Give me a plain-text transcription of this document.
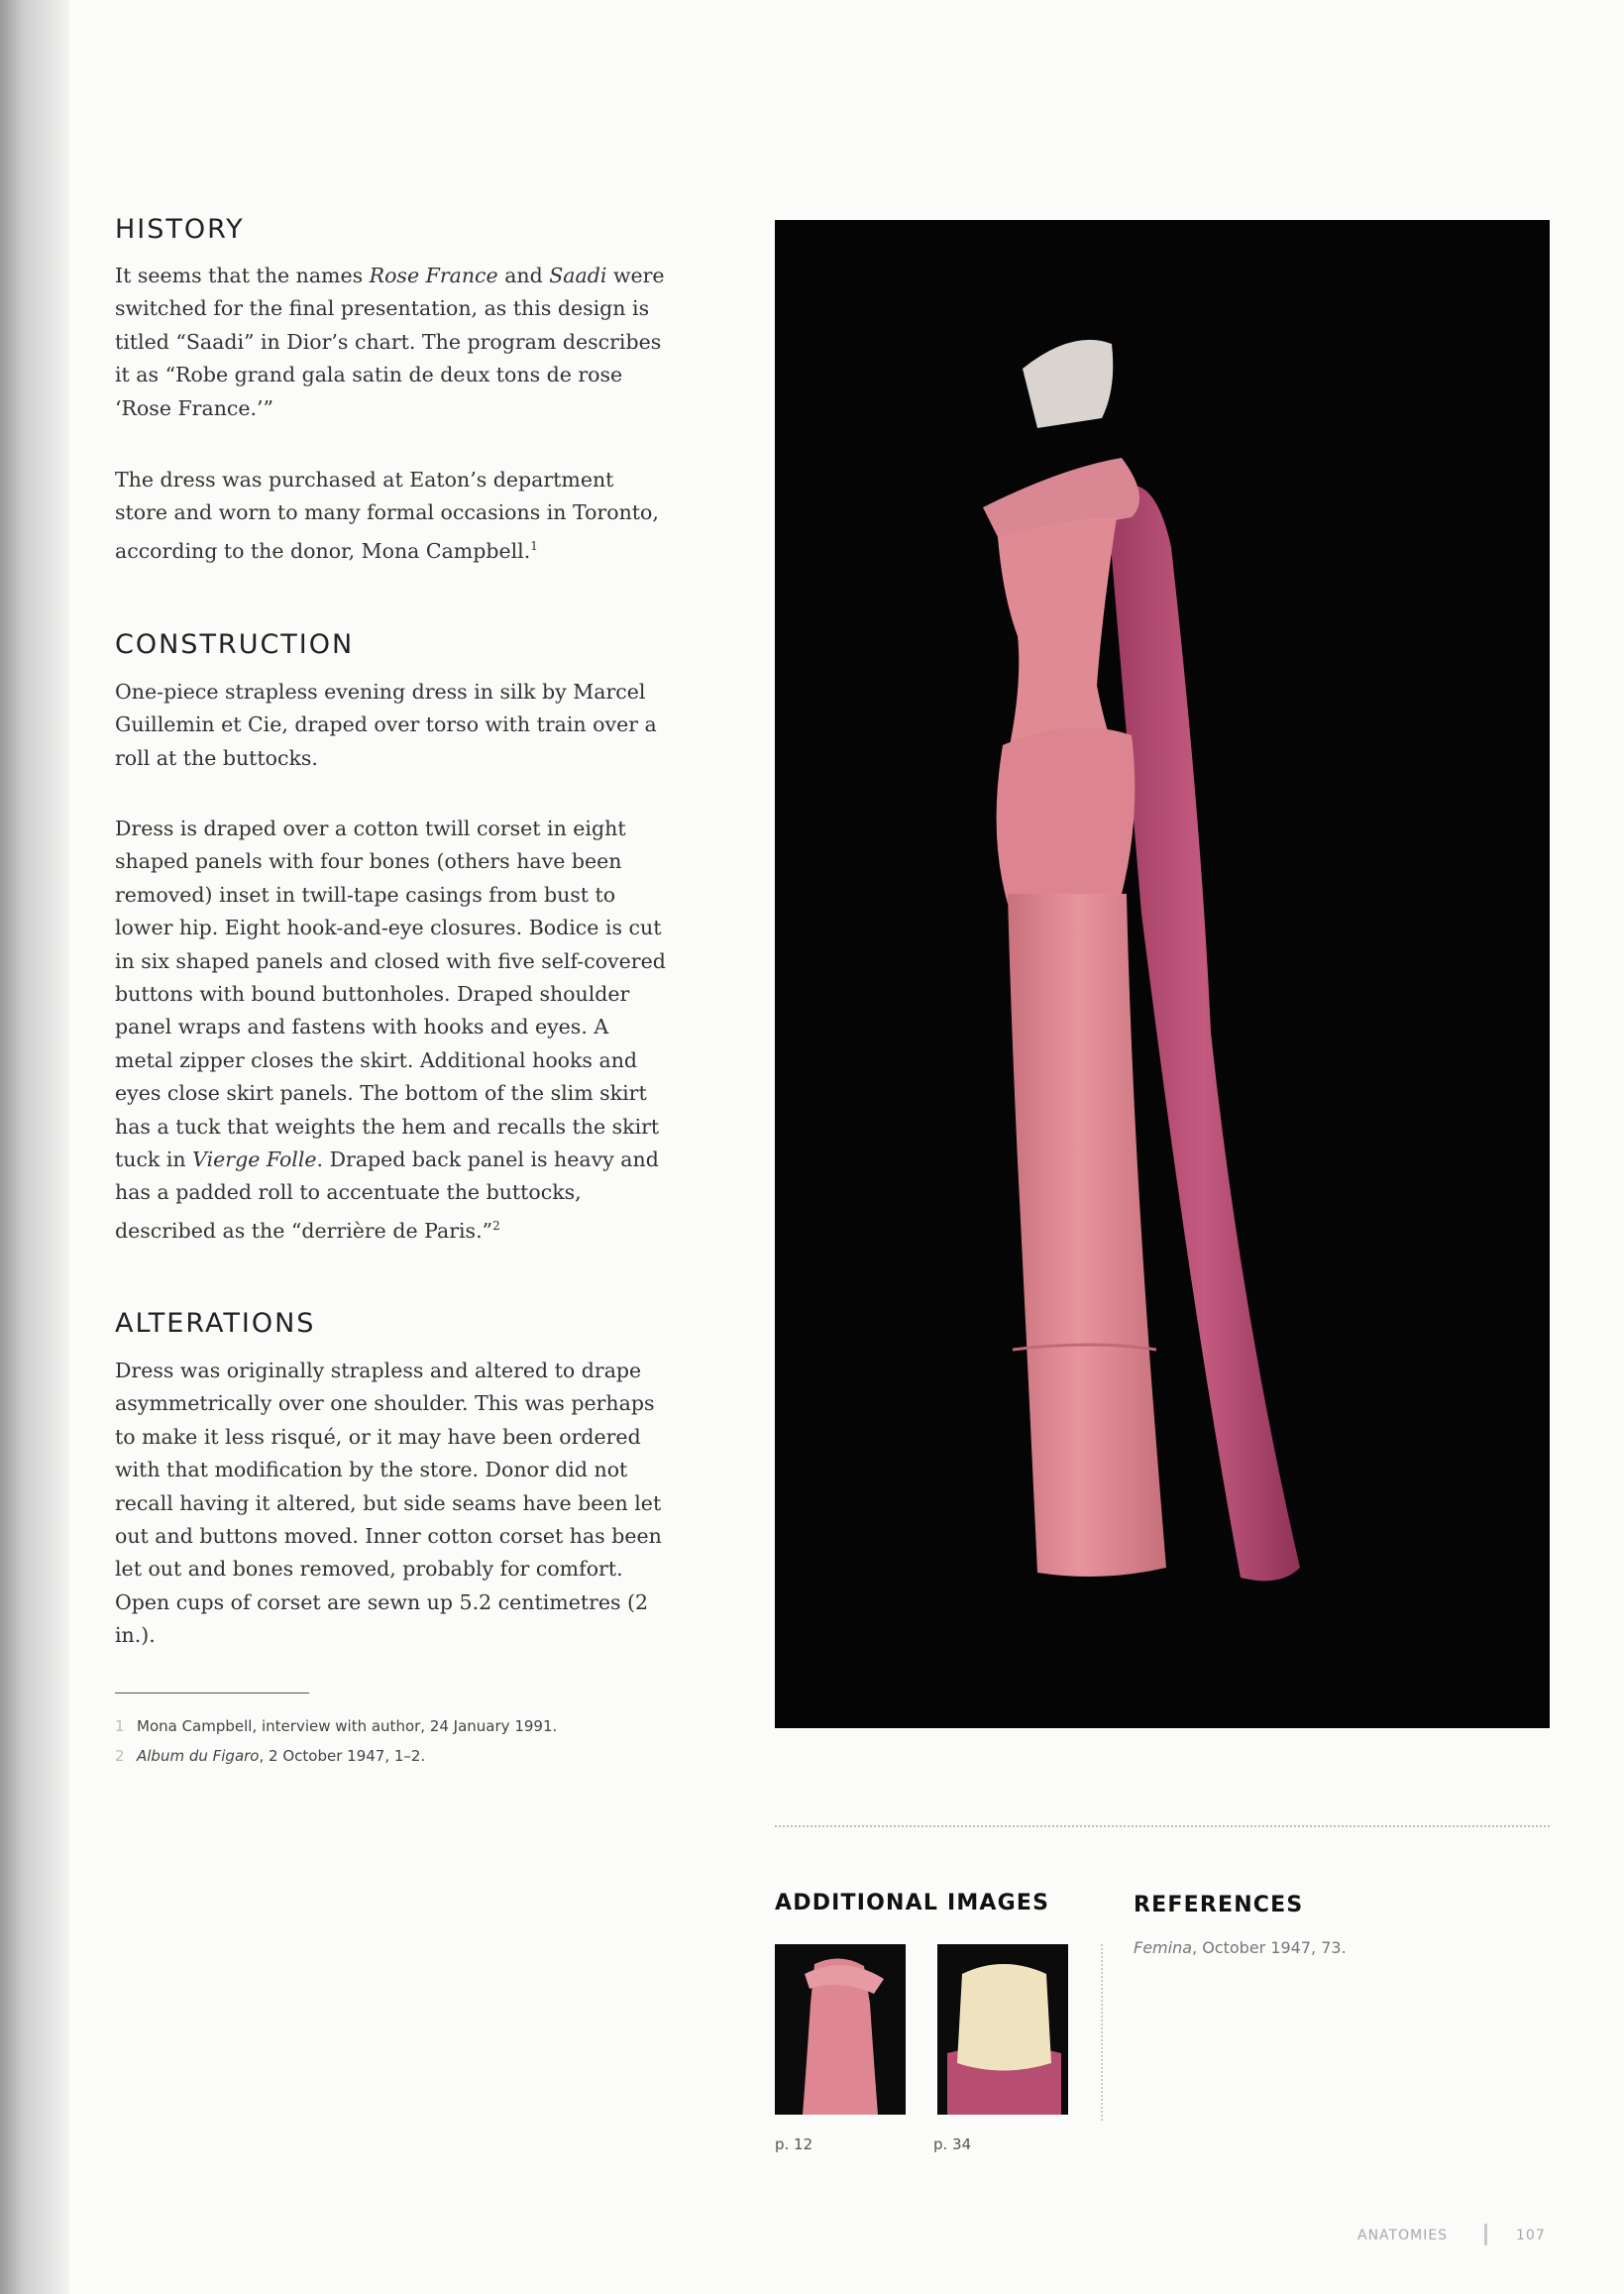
HISTORY

It seems that the names Rose France and Saadi were switched for the final presentation, as this design is titled “Saadi” in Dior’s chart. The program describes it as “Robe grand gala satin de deux tons de rose ‘Rose France.’”

The dress was purchased at Eaton’s department store and worn to many formal occasions in Toronto, according to the donor, Mona Campbell.$^1$

CONSTRUCTION

One-piece strapless evening dress in silk by Marcel Guillemin et Cie, draped over torso with train over a roll at the buttocks.

Dress is draped over a cotton twill corset in eight shaped panels with four bones (others have been removed) inset in twill-tape casings from bust to lower hip. Eight hook-and-eye closures. Bodice is cut in six shaped panels and closed with five self-covered buttons with bound buttonholes. Draped shoulder panel wraps and fastens with hooks and eyes. A metal zipper closes the skirt. Additional hooks and eyes close skirt panels. The bottom of the slim skirt has a tuck that weights the hem and recalls the skirt tuck in Vierge Folle. Draped back panel is heavy and has a padded roll to accentuate the buttocks, described as the “derrière de Paris.”$^2$

ALTERATIONS

Dress was originally strapless and altered to drape asymmetrically over one shoulder. This was perhaps to make it less risqué, or it may have been ordered with that modification by the store. Donor did not recall having it altered, but side seams have been let out and buttons moved. Inner cotton corset has been let out and bones removed, probably for comfort. Open cups of corset are sewn up 5.2 centimetres (2 in.).

1 Mona Campbell, interview with author, 24 January 1991.
2 Album du Figaro, 2 October 1947, 1–2.
ADDITIONAL IMAGES
p. 12	p. 34
REFERENCES
Femina, October 1947, 73.
ANATOMIES	107
